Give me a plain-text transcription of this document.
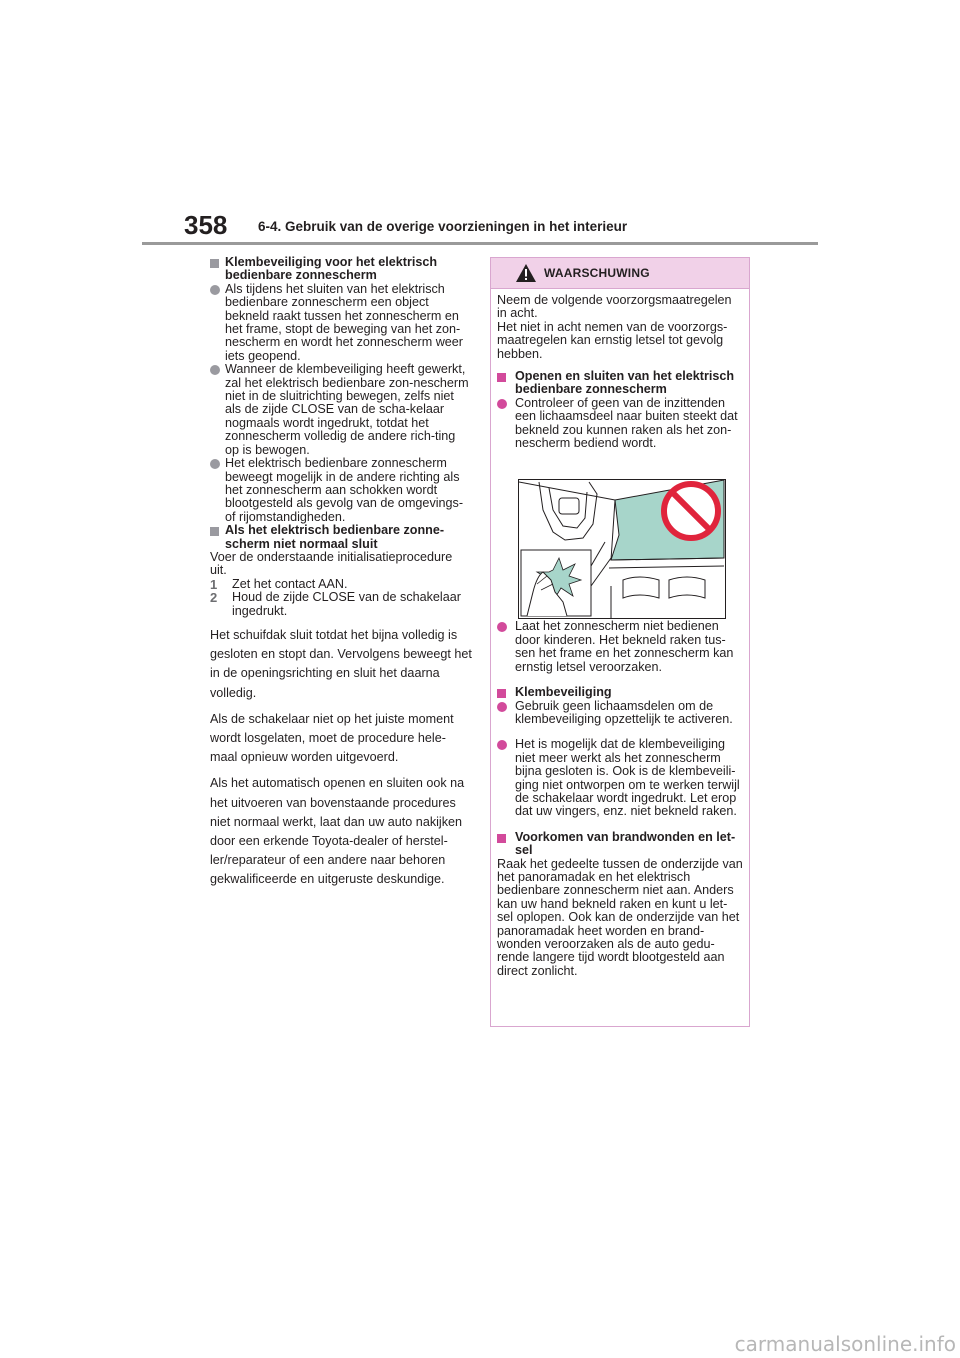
358 6-4. Gebruik van de overige voorzieningen in het interieur

Klembeveiliging voor het elektrisch bedienbare zonnescherm

Als tijdens het sluiten van het elektrisch bedienbare zonnescherm een object bekneld raakt tussen het zonnescherm en het frame, stopt de beweging van het zon-nescherm en wordt het zonnescherm weer iets geopend.

Wanneer de klembeveiliging heeft gewerkt, zal het elektrisch bedienbare zon-nescherm niet in de sluitrichting bewegen, zelfs niet als de zijde CLOSE van de scha-kelaar nogmaals wordt ingedrukt, totdat het zonnescherm volledig de andere rich-ting op is bewogen.

Het elektrisch bedienbare zonnescherm beweegt mogelijk in de andere richting als het zonnescherm aan schokken wordt blootgesteld als gevolg van de omgevings-of rijomstandigheden.

Als het elektrisch bedienbare zonne-scherm niet normaal sluit

Voer de onderstaande initialisatieprocedure uit.

1 Zet het contact AAN.

2 Houd de zijde CLOSE van de schakelaar ingedrukt.

Het schuifdak sluit totdat het bijna volledig is gesloten en stopt dan. Vervolgens beweegt het in de openingsrichting en sluit het daarna volledig.

Als de schakelaar niet op het juiste moment wordt losgelaten, moet de procedure hele-maal opnieuw worden uitgevoerd.

Als het automatisch openen en sluiten ook na het uitvoeren van bovenstaande procedures niet normaal werkt, laat dan uw auto nakijken door een erkende Toyota-dealer of herstel-ler/reparateur of een andere naar behoren gekwalificeerde en uitgeruste deskundige.

WAARSCHUWING

Neem de volgende voorzorgsmaatregelen in acht.
Het niet in acht nemen van de voorzorgs-maatregelen kan ernstig letsel tot gevolg hebben.

Openen en sluiten van het elektrisch bedienbare zonnescherm

Controleer of geen van de inzittenden een lichaamsdeel naar buiten steekt dat bekneld zou kunnen raken als het zon-nescherm bediend wordt.

Laat het zonnescherm niet bedienen door kinderen. Het bekneld raken tus-sen het frame en het zonnescherm kan ernstig letsel veroorzaken.

Klembeveiliging

Gebruik geen lichaamsdelen om de klembeveiliging opzettelijk te activeren.

Het is mogelijk dat de klembeveiliging niet meer werkt als het zonnescherm bijna gesloten is. Ook is de klembeveili-ging niet ontworpen om te werken terwijl de schakelaar wordt ingedrukt. Let erop dat uw vingers, enz. niet bekneld raken.

Voorkomen van brandwonden en let-sel

Raak het gedeelte tussen de onderzijde van het panoramadak en het elektrisch bedienbare zonnescherm niet aan. Anders kan uw hand bekneld raken en kunt u let-sel oplopen. Ook kan de onderzijde van het panoramadak heet worden en brand-wonden veroorzaken als de auto gedu-rende langere tijd wordt blootgesteld aan direct zonlicht.

carmanualsonline.info
